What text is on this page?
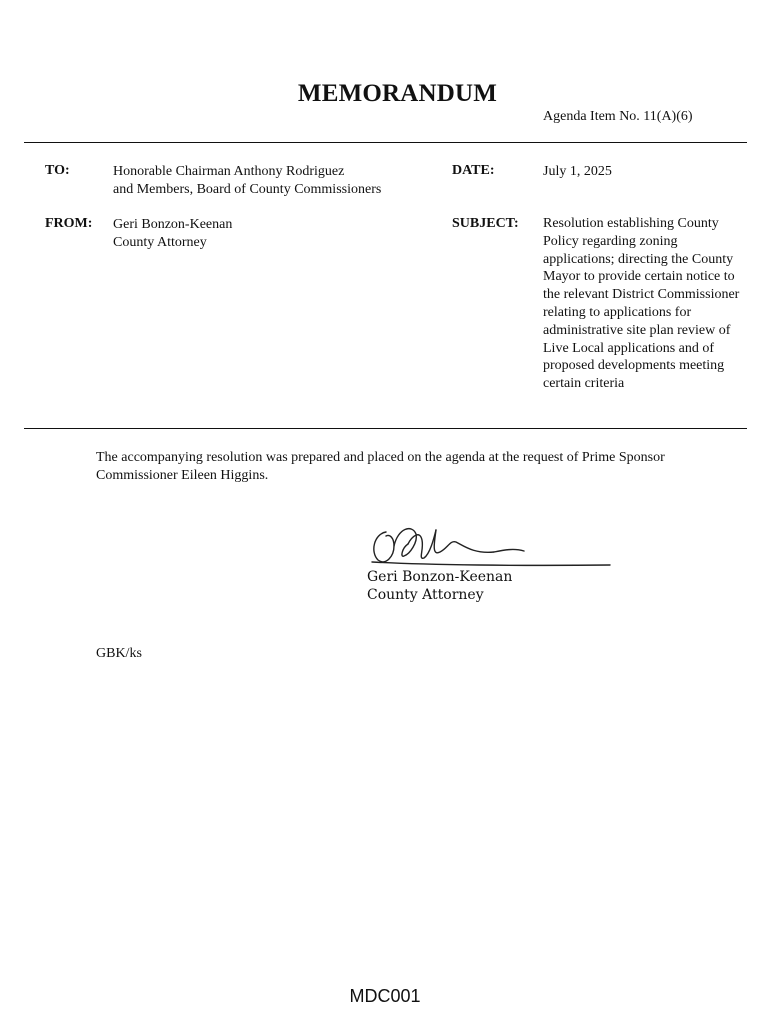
MEMORANDUM
Agenda Item No. 11(A)(6)
TO:	Honorable Chairman Anthony Rodriguez
and Members, Board of County Commissioners
DATE:	July 1, 2025
FROM: Geri Bonzon-Keenan
County Attorney
SUBJECT: Resolution establishing County Policy regarding zoning applications; directing the County Mayor to provide certain notice to the relevant District Commissioner relating to applications for administrative site plan review of Live Local applications and of proposed developments meeting certain criteria
The accompanying resolution was prepared and placed on the agenda at the request of Prime Sponsor Commissioner Eileen Higgins.
Geri Bonzon-Keenan
County Attorney
GBK/ks
MDC001
